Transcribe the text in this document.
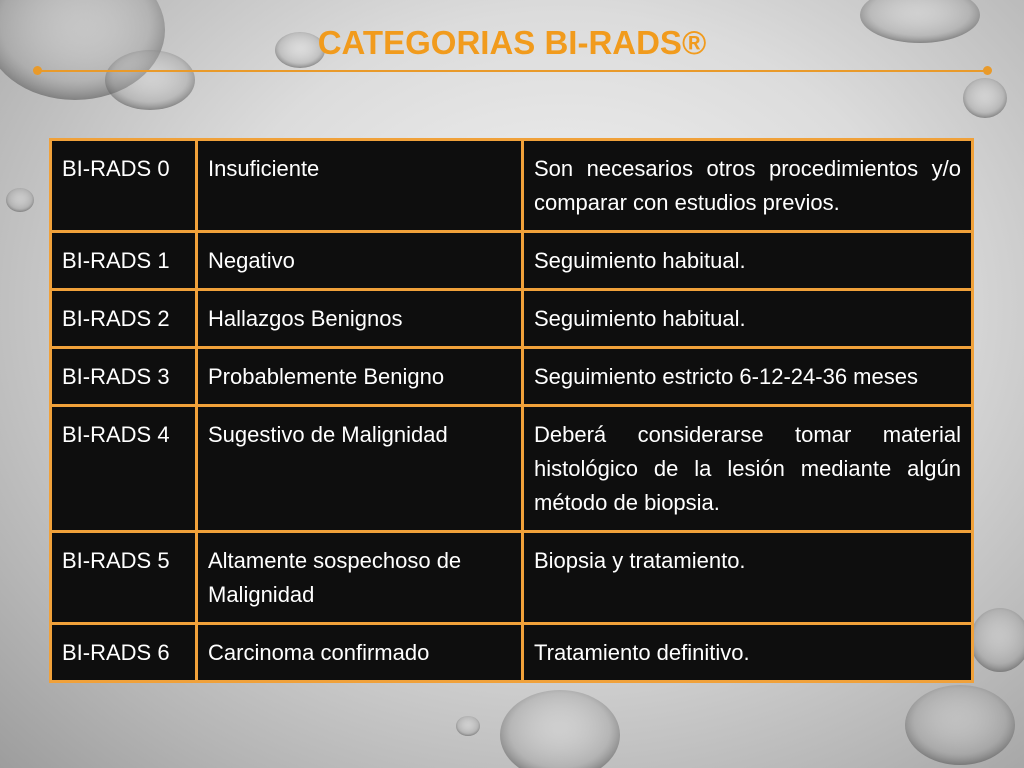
CATEGORIAS BI-RADS®
BI-RADS 0	Insuficiente	Son necesarios otros procedimientos y/o comparar con estudios previos.
BI-RADS 1	Negativo	Seguimiento habitual.
BI-RADS 2	Hallazgos Benignos	Seguimiento habitual.
BI-RADS 3	Probablemente Benigno	Seguimiento estricto 6-12-24-36 meses
BI-RADS 4	Sugestivo de Malignidad	Deberá considerarse tomar material histológico de la lesión mediante algún método de biopsia.
BI-RADS 5	Altamente sospechoso de Malignidad	Biopsia y tratamiento.
BI-RADS 6	Carcinoma confirmado	Tratamiento definitivo.
